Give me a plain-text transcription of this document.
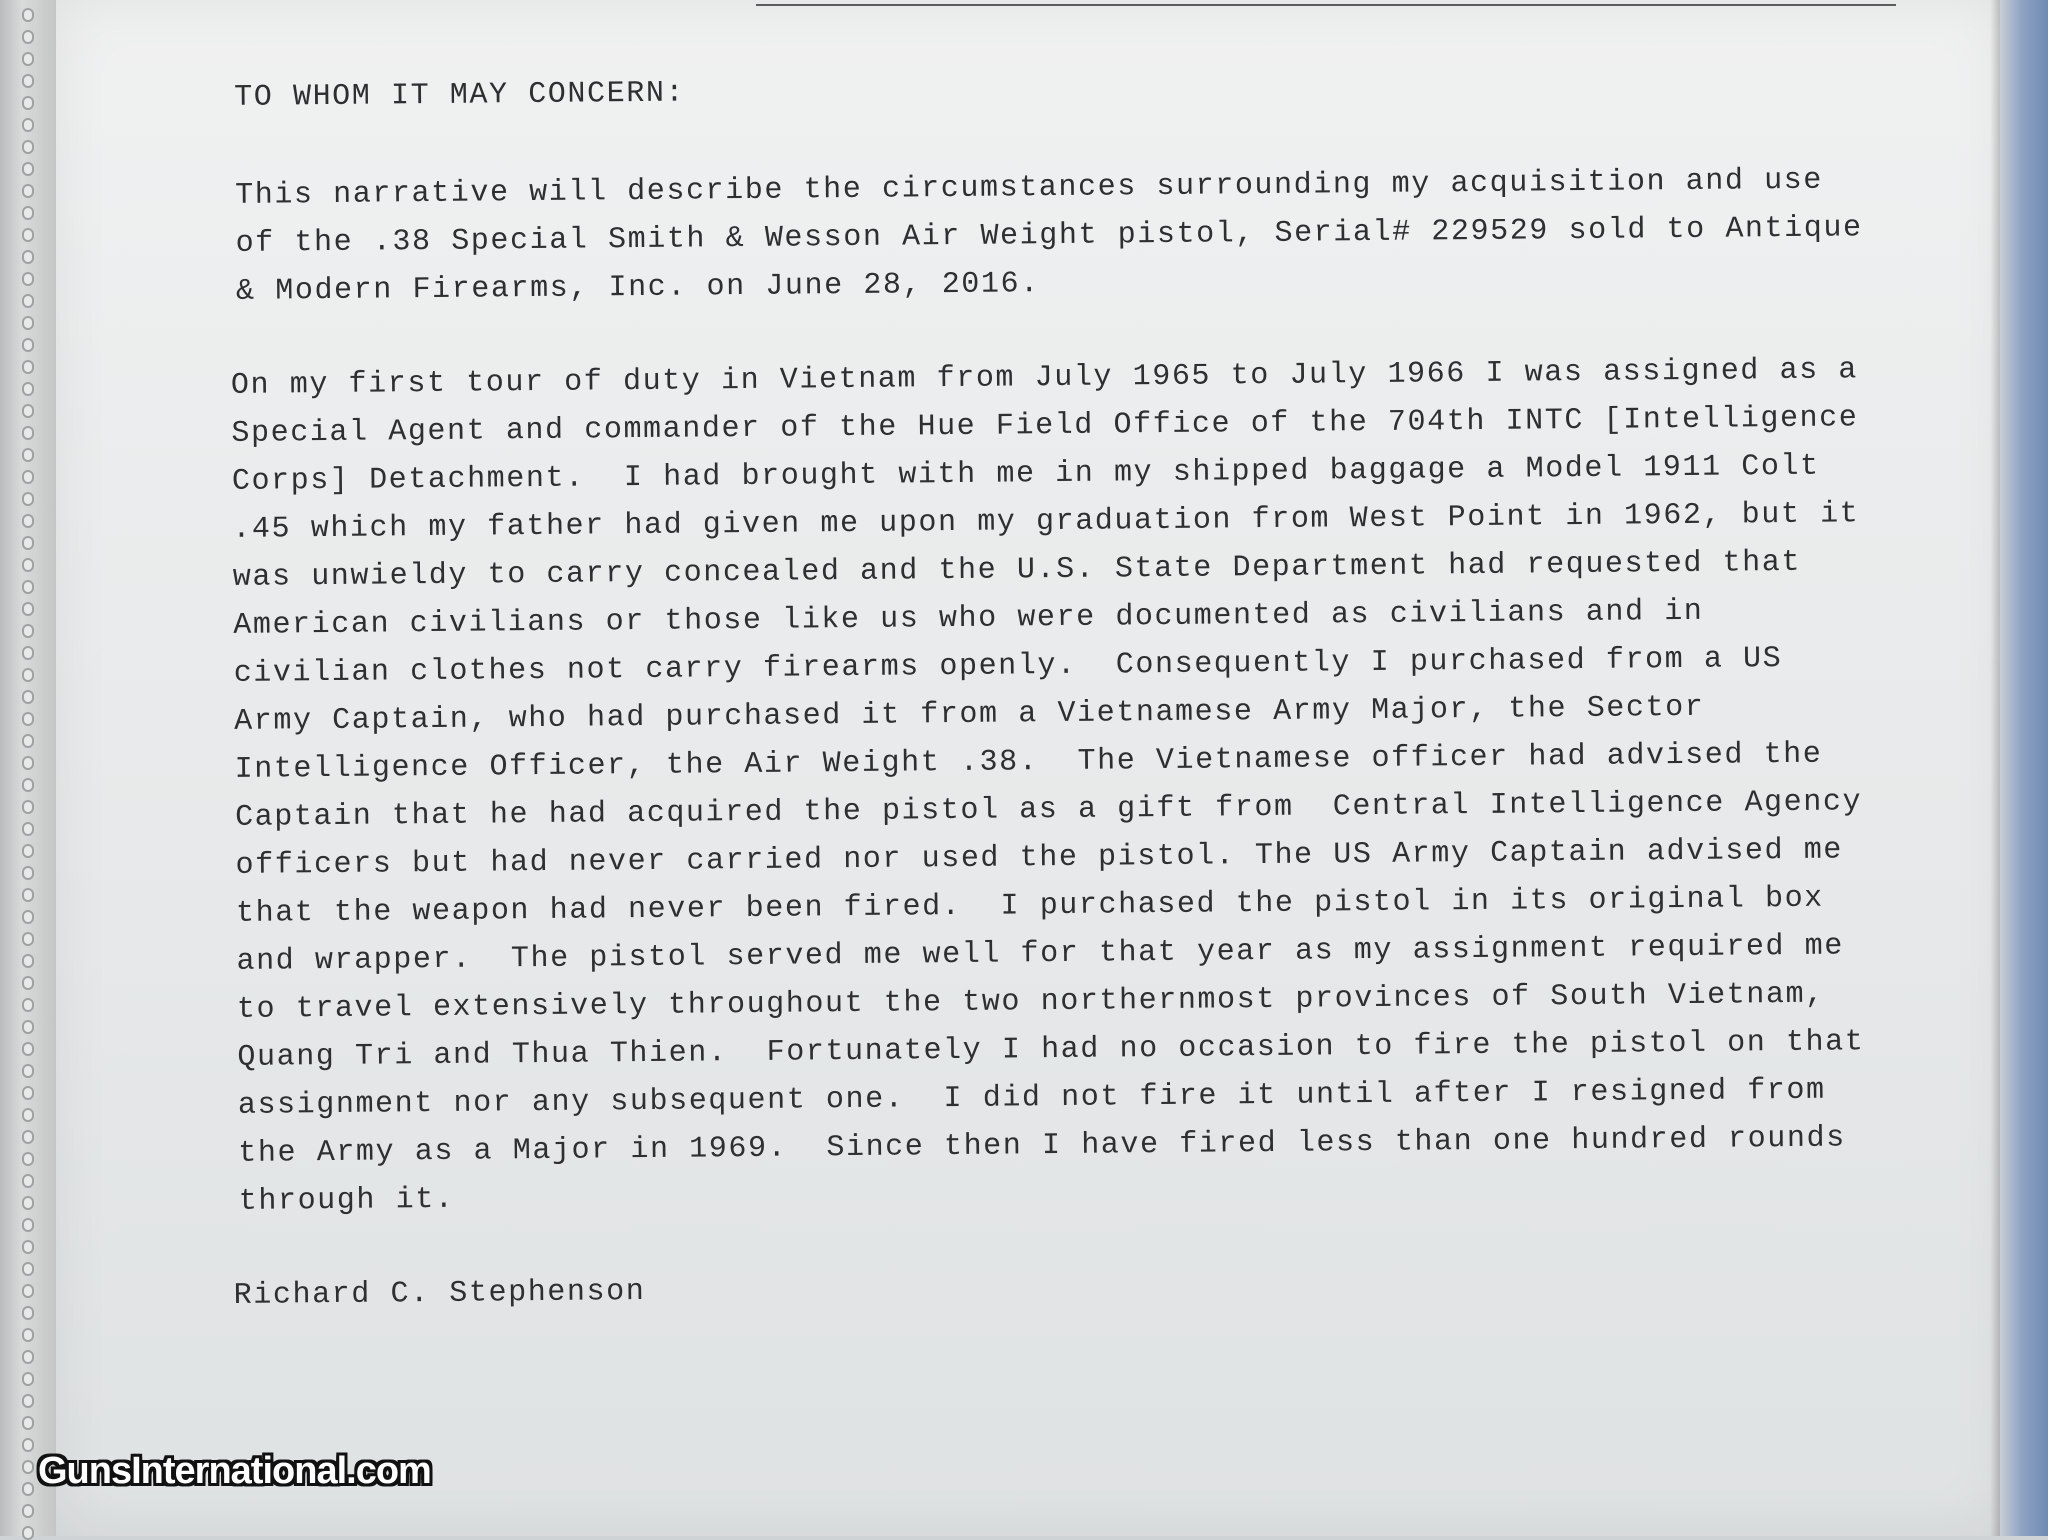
TO WHOM IT MAY CONCERN:
This narrative will describe the circumstances surrounding my acquisition and use
of the .38 Special Smith & Wesson Air Weight pistol, Serial# 229529 sold to Antique
& Modern Firearms, Inc. on June 28, 2016.
On my first tour of duty in Vietnam from July 1965 to July 1966 I was assigned as a
Special Agent and commander of the Hue Field Office of the 704th INTC [Intelligence
Corps] Detachment.  I had brought with me in my shipped baggage a Model 1911 Colt
.45 which my father had given me upon my graduation from West Point in 1962, but it
was unwieldy to carry concealed and the U.S. State Department had requested that
American civilians or those like us who were documented as civilians and in
civilian clothes not carry firearms openly.  Consequently I purchased from a US
Army Captain, who had purchased it from a Vietnamese Army Major, the Sector
Intelligence Officer, the Air Weight .38.  The Vietnamese officer had advised the
Captain that he had acquired the pistol as a gift from  Central Intelligence Agency
officers but had never carried nor used the pistol. The US Army Captain advised me
that the weapon had never been fired.  I purchased the pistol in its original box
and wrapper.  The pistol served me well for that year as my assignment required me
to travel extensively throughout the two northernmost provinces of South Vietnam,
Quang Tri and Thua Thien.  Fortunately I had no occasion to fire the pistol on that
assignment nor any subsequent one.  I did not fire it until after I resigned from
the Army as a Major in 1969.  Since then I have fired less than one hundred rounds
through it.
Richard C. Stephenson
GunsInternational.com
